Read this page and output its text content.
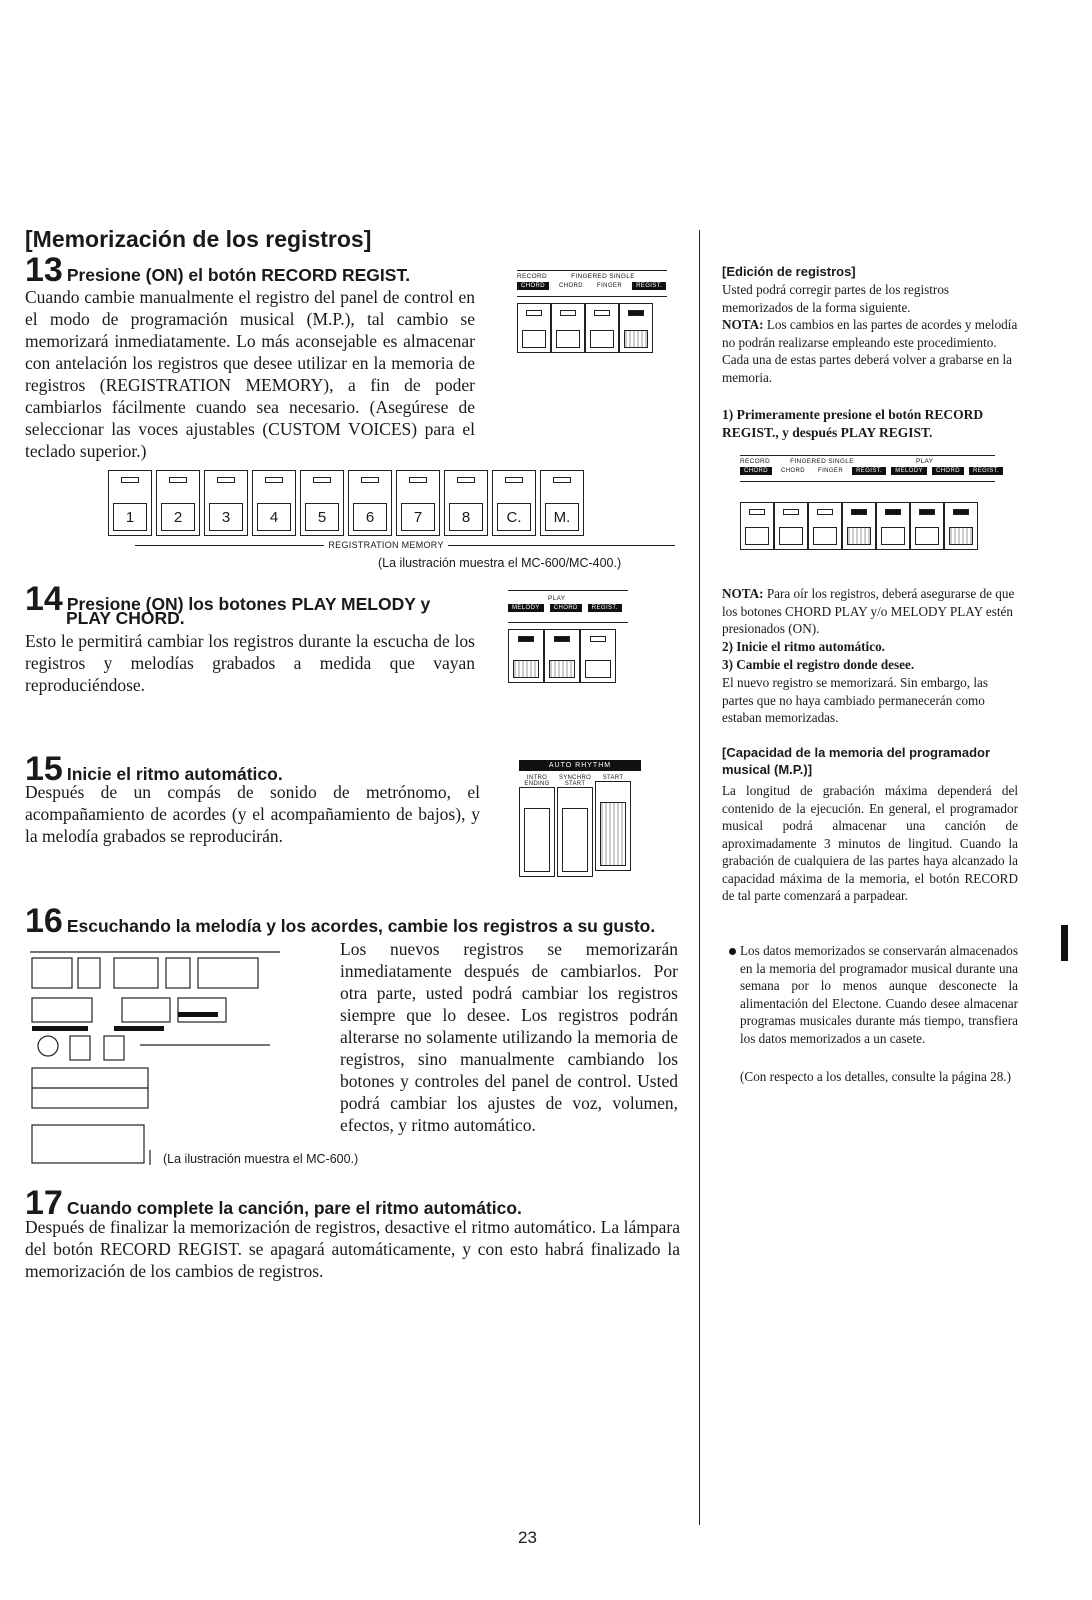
[Memorización de los registros]
13 Presione (ON) el botón RECORD REGIST.
Cuando cambie manualmente el registro del panel de control en el modo de programación musical (M.P.), tal cambio se memorizará inmediatamente. Lo más aconsejable es almacenar con antelación los registros que desee utilizar en la memoria de registros (REGISTRATION MEMORY), a fin de poder cambiarlos fácilmente cuando sea necesario. (Asegúrese de seleccionar las voces ajustables (CUSTOM VOICES) para el teclado superior.)
RECORD	FINGERED SINGLE
CHORD	CHORD	FINGER	REGIST.
1	2	3	4	5	6	7	8	C.	M.
REGISTRATION MEMORY
(La ilustración muestra el MC-600/MC-400.)
14 Presione (ON) los botones PLAY MELODY y
PLAY CHORD.
Esto le permitirá cambiar los registros durante la escucha de los registros y melodías grabados a medida que vayan reproduciéndose.
PLAY
MELODY	CHORD	REGIST.
15 Inicie el ritmo automático.
Después de un compás de sonido de metrónomo, el acompañamiento de acordes (y el acompañamiento de bajos), y la melodía grabados se reproducirán.
AUTO RHYTHM
INTRO ENDING
SYNCHRO START
START
16 Escuchando la melodía y los acordes, cambie los registros a su gusto.
Los nuevos registros se memorizarán inmediatamente después de cambiarlos. Por otra parte, usted podrá cambiar los registros siempre que lo desee. Los registros podrán alterarse no solamente utilizando la memoria de registros, sino manualmente cambiando los botones y controles del panel de control. Usted podrá cambiar los ajustes de voz, volumen, efectos, y ritmo automático.
(La ilustración muestra el MC-600.)
17 Cuando complete la canción, pare el ritmo automático.
Después de finalizar la memorización de registros, desactive el ritmo automático. La lámpara del botón RECORD REGIST. se apagará automáticamente, y con esto habrá finalizado la memorización de los cambios de registros.
[Edición de registros]
Usted podrá corregir partes de los registros memorizados de la forma siguiente.
NOTA: Los cambios en las partes de acordes y melodía no podrán realizarse empleando este procedimiento. Cada una de estas partes deberá volver a grabarse en la memoria.
1) Primeramente presione el botón RECORD REGIST., y después PLAY REGIST.
RECORD	FINGERED SINGLE	PLAY
CHORD	CHORD	FINGER	REGIST.	MELODY	CHORD	REGIST.
NOTA: Para oír los registros, deberá asegurarse de que los botones CHORD PLAY y/o MELODY PLAY estén presionados (ON).
2) Inicie el ritmo automático.
3) Cambie el registro donde desee.
El nuevo registro se memorizará. Sin embargo, las partes que no haya cambiado permanecerán como estaban memorizadas.
[Capacidad de la memoria del programador musical (M.P.)]
La longitud de grabación máxima dependerá del contenido de la ejecución. En general, el programador musical podrá almacenar una canción de aproximadamente 3 minutos de lingitud. Cuando la grabación de cualquiera de las partes haya alcanzado la capacidad máxima de la memoria, el botón RECORD de tal parte comenzará a parpadear.
Los datos memorizados se conservarán almacenados en la memoria del programador musical durante una semana por lo menos aunque desconecte la alimentación del Electone. Cuando desee almacenar programas musicales durante más tiempo, transfiera los datos memorizados a un casete.
(Con respecto a los detalles, consulte la página 28.)
23
